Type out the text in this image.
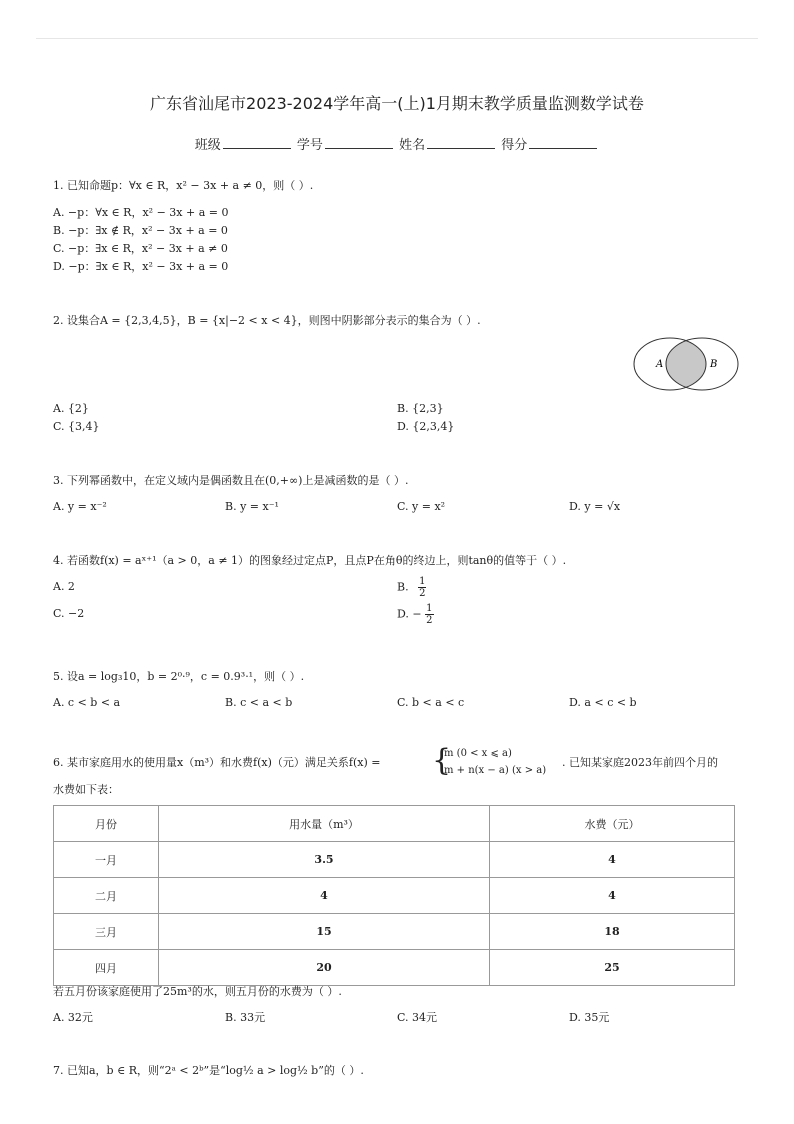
广东省汕尾市2023-2024学年高一(上)1月期末教学质量监测数学试卷
班级	学号	姓名	得分
1. 已知命题p：∀x ∈ R，x² − 3x + a ≠ 0，则（ ）.
A. −p：∀x ∈ R，x² − 3x + a = 0
B. −p：∃x ∉ R，x² − 3x + a = 0
C. −p：∃x ∈ R，x² − 3x + a ≠ 0
D. −p：∃x ∈ R，x² − 3x + a = 0
2. 设集合A = {2,3,4,5}，B = {x|−2 < x < 4}，则图中阴影部分表示的集合为（ ）.
A	B
A. {2}	B. {2,3}
C. {3,4}	D. {2,3,4}
3. 下列幂函数中，在定义域内是偶函数且在(0,+∞)上是减函数的是（ ）.
A. y = x⁻²	B. y = x⁻¹	C. y = x²	D. y = √x
4. 若函数f(x) = aˣ⁺¹（a > 0，a ≠ 1）的图象经过定点P，且点P在角θ的终边上，则tanθ的值等于（ ）.
A. 2	B. $\frac{1}{2}$
C. −2	D. − $\frac{1}{2}$
5. 设a = log₃10，b = 2⁰·⁹，c = 0.9³·¹，则（ ）.
A. c < b < a	B. c < a < b	C. b < a < c	D. a < c < b
6. 某市家庭用水的使用量x（m³）和水费f(x)（元）满足关系f(x) = {
m (0 < x ⩽ a)
m + n(x − a) (x > a)
. 已知某家庭2023年前四个月的
水费如下表：
月份	用水量（m³）	水费（元）
一月	3.5	4
二月	4	4
三月	15	18
四月	20	25
若五月份该家庭使用了25m³的水，则五月份的水费为（ ）.
A. 32元	B. 33元	C. 34元	D. 35元
7. 已知a，b ∈ R，则“2ᵃ < 2ᵇ”是“log½ a > log½ b”的（ ）.
